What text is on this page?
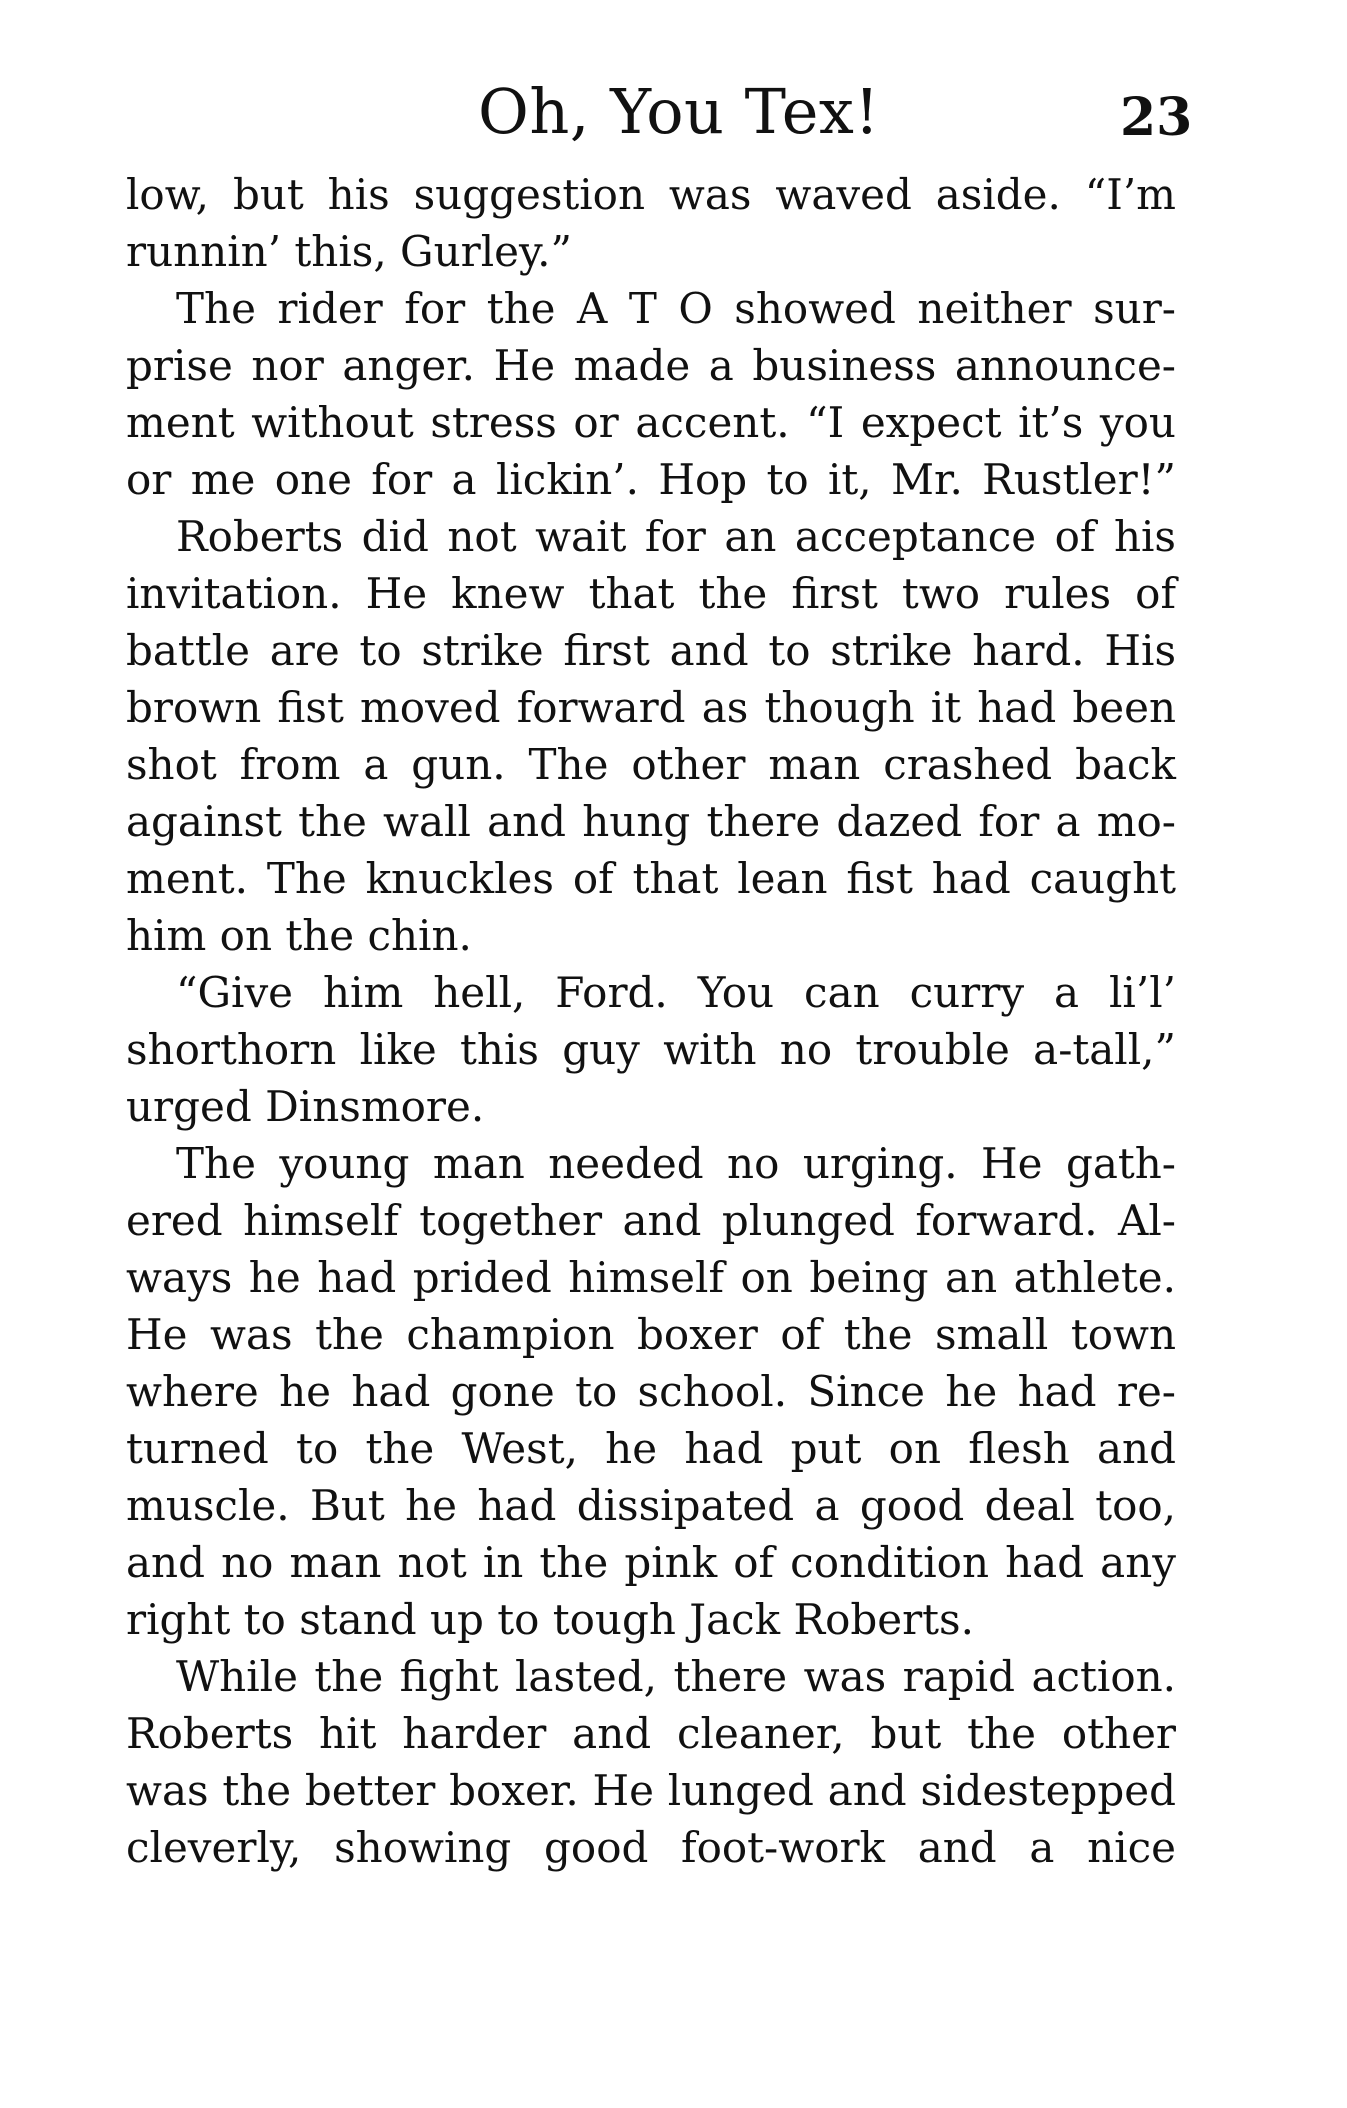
Oh, You Tex!	23
low, but his suggestion was waved aside. “I’m
runnin’ this, Gurley.”
The rider for the A T O showed neither sur-
prise nor anger. He made a business announce-
ment without stress or accent. “I expect it’s you
or me one for a lickin’. Hop to it, Mr. Rustler!”
Roberts did not wait for an acceptance of his
invitation. He knew that the first two rules of
battle are to strike first and to strike hard. His
brown fist moved forward as though it had been
shot from a gun. The other man crashed back
against the wall and hung there dazed for a mo-
ment. The knuckles of that lean fist had caught
him on the chin.
“Give him hell, Ford. You can curry a li’l’
shorthorn like this guy with no trouble a-tall,”
urged Dinsmore.
The young man needed no urging. He gath-
ered himself together and plunged forward. Al-
ways he had prided himself on being an athlete.
He was the champion boxer of the small town
where he had gone to school. Since he had re-
turned to the West, he had put on flesh and
muscle. But he had dissipated a good deal too,
and no man not in the pink of condition had any
right to stand up to tough Jack Roberts.
While the fight lasted, there was rapid action.
Roberts hit harder and cleaner, but the other
was the better boxer. He lunged and sidestepped
cleverly, showing good foot-work and a nice
